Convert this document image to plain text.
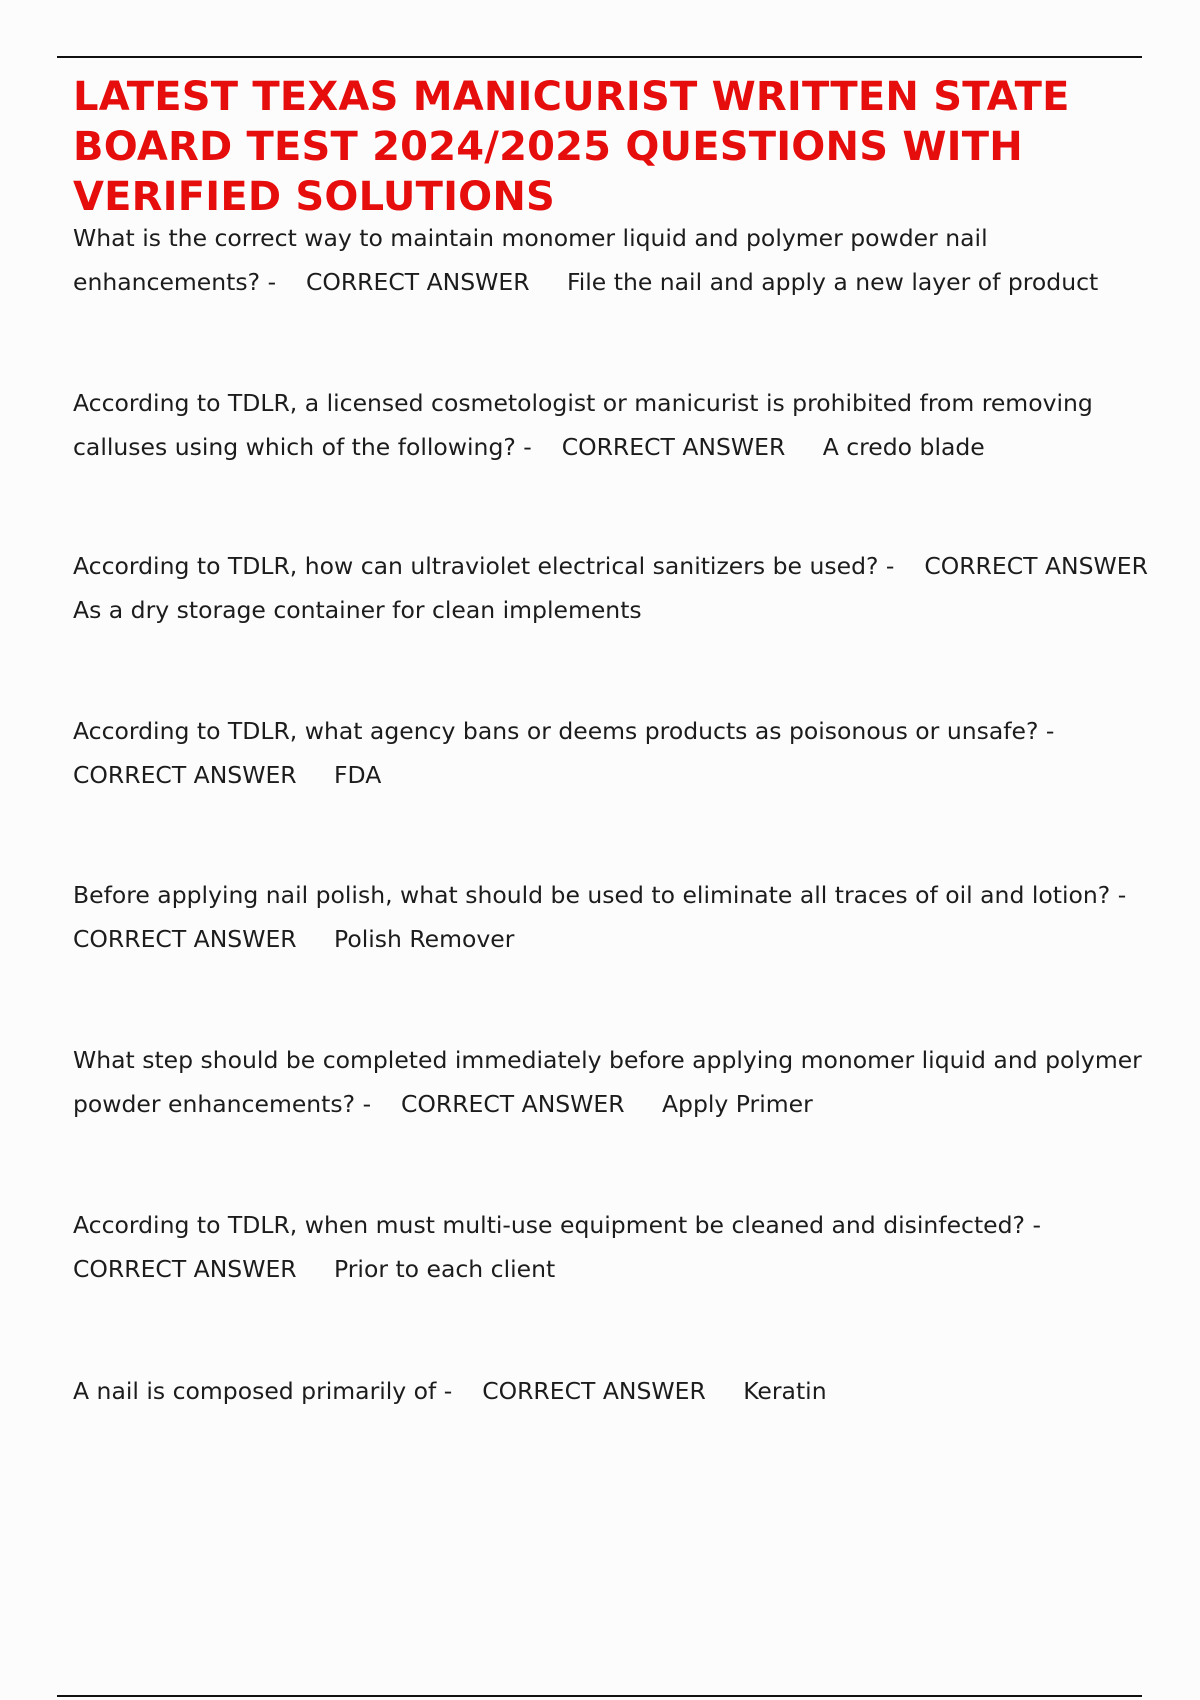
LATEST TEXAS MANICURIST WRITTEN STATE BOARD TEST 2024/2025 QUESTIONS WITH VERIFIED SOLUTIONS

What is the correct way to maintain monomer liquid and polymer powder nail enhancements? - CORRECT ANSWER File the nail and apply a new layer of product

According to TDLR, a licensed cosmetologist or manicurist is prohibited from removing calluses using which of the following? - CORRECT ANSWER A credo blade

According to TDLR, how can ultraviolet electrical sanitizers be used? - CORRECT ANSWER     As a dry storage container for clean implements

According to TDLR, what agency bans or deems products as poisonous or unsafe? -    CORRECT ANSWER FDA

Before applying nail polish, what should be used to eliminate all traces of oil and lotion? -    CORRECT ANSWER Polish Remover

What step should be completed immediately before applying monomer liquid and polymer powder enhancements? - CORRECT ANSWER Apply Primer

According to TDLR, when must multi-use equipment be cleaned and disinfected? -    CORRECT ANSWER Prior to each client

A nail is composed primarily of - CORRECT ANSWER Keratin
